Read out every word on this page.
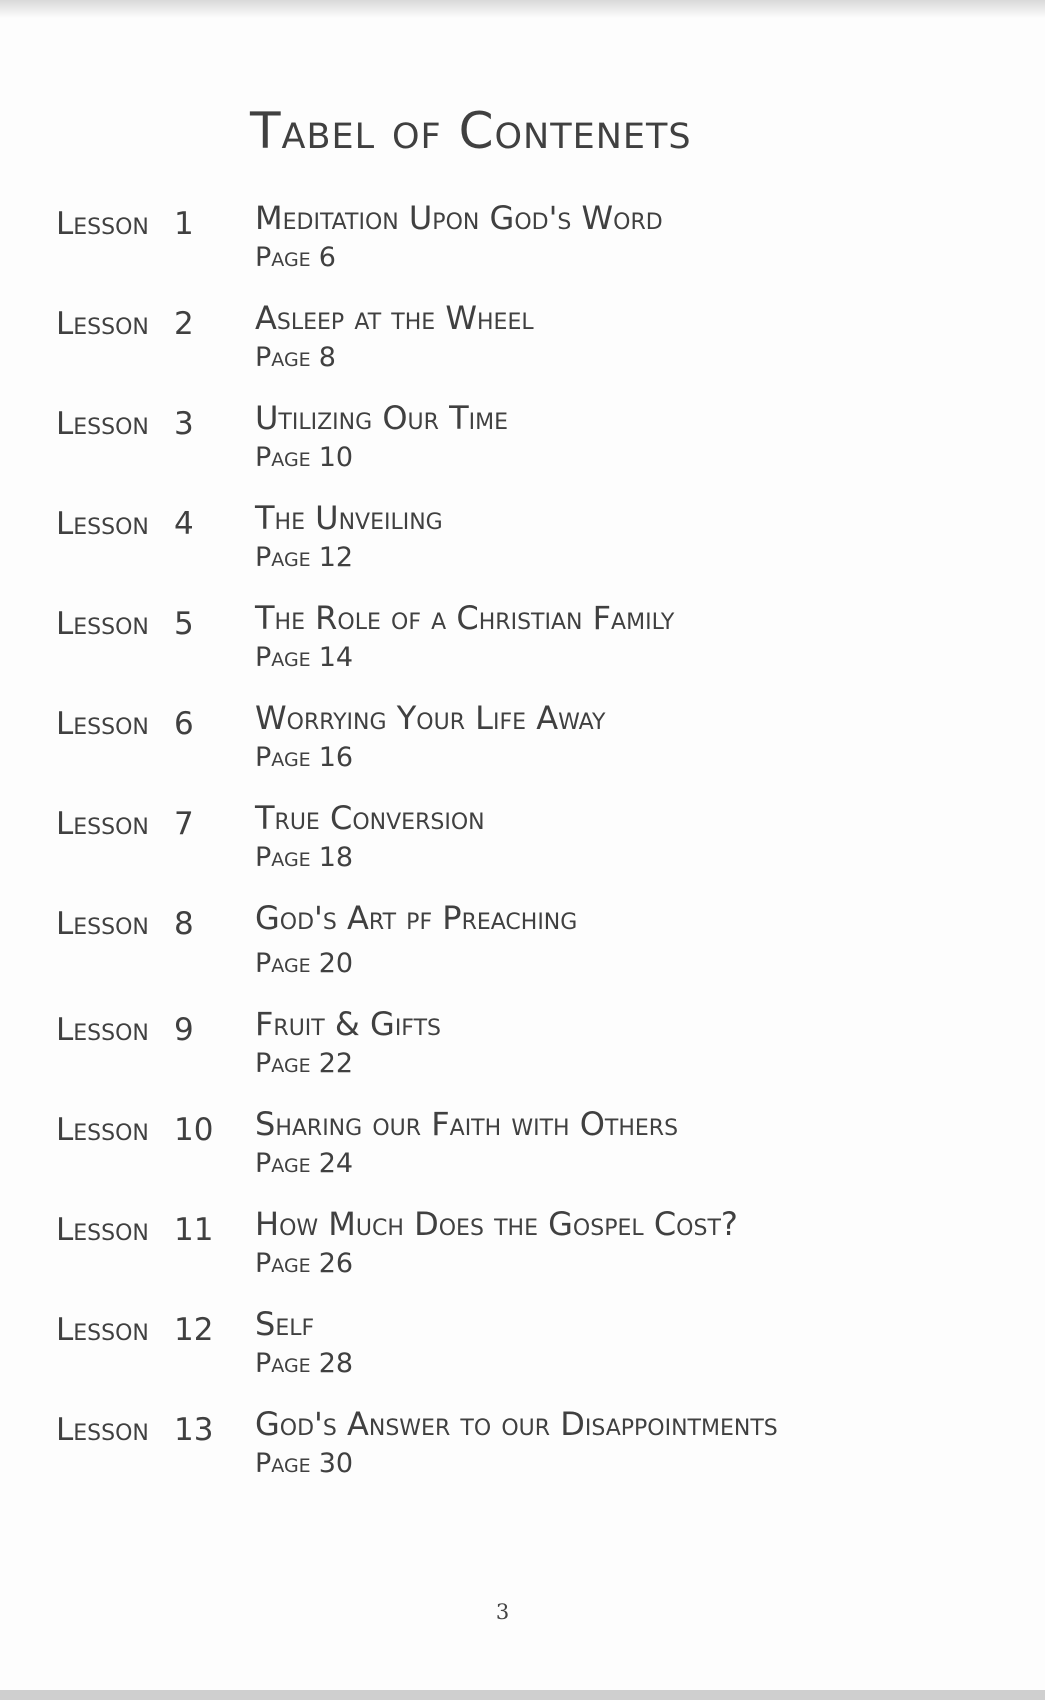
Tabel of Contenets
Lesson 1	Meditation Upon God's Word
Page 6
Lesson 2	Asleep at the Wheel
Page 8
Lesson 3	Utilizing Our Time
Page 10
Lesson 4	The Unveiling
Page 12
Lesson 5	The Role of a Christian Family
Page 14
Lesson 6	Worrying Your Life Away
Page 16
Lesson 7	True Conversion
Page 18
Lesson 8	God's Art pf Preaching
Page 20
Lesson 9	Fruit & Gifts
Page 22
Lesson 10	Sharing our Faith with Others
Page 24
Lesson 11	How Much Does the Gospel Cost?
Page 26
Lesson 12	Self
Page 28
Lesson 13	God's Answer to our Disappointments
Page 30
3
